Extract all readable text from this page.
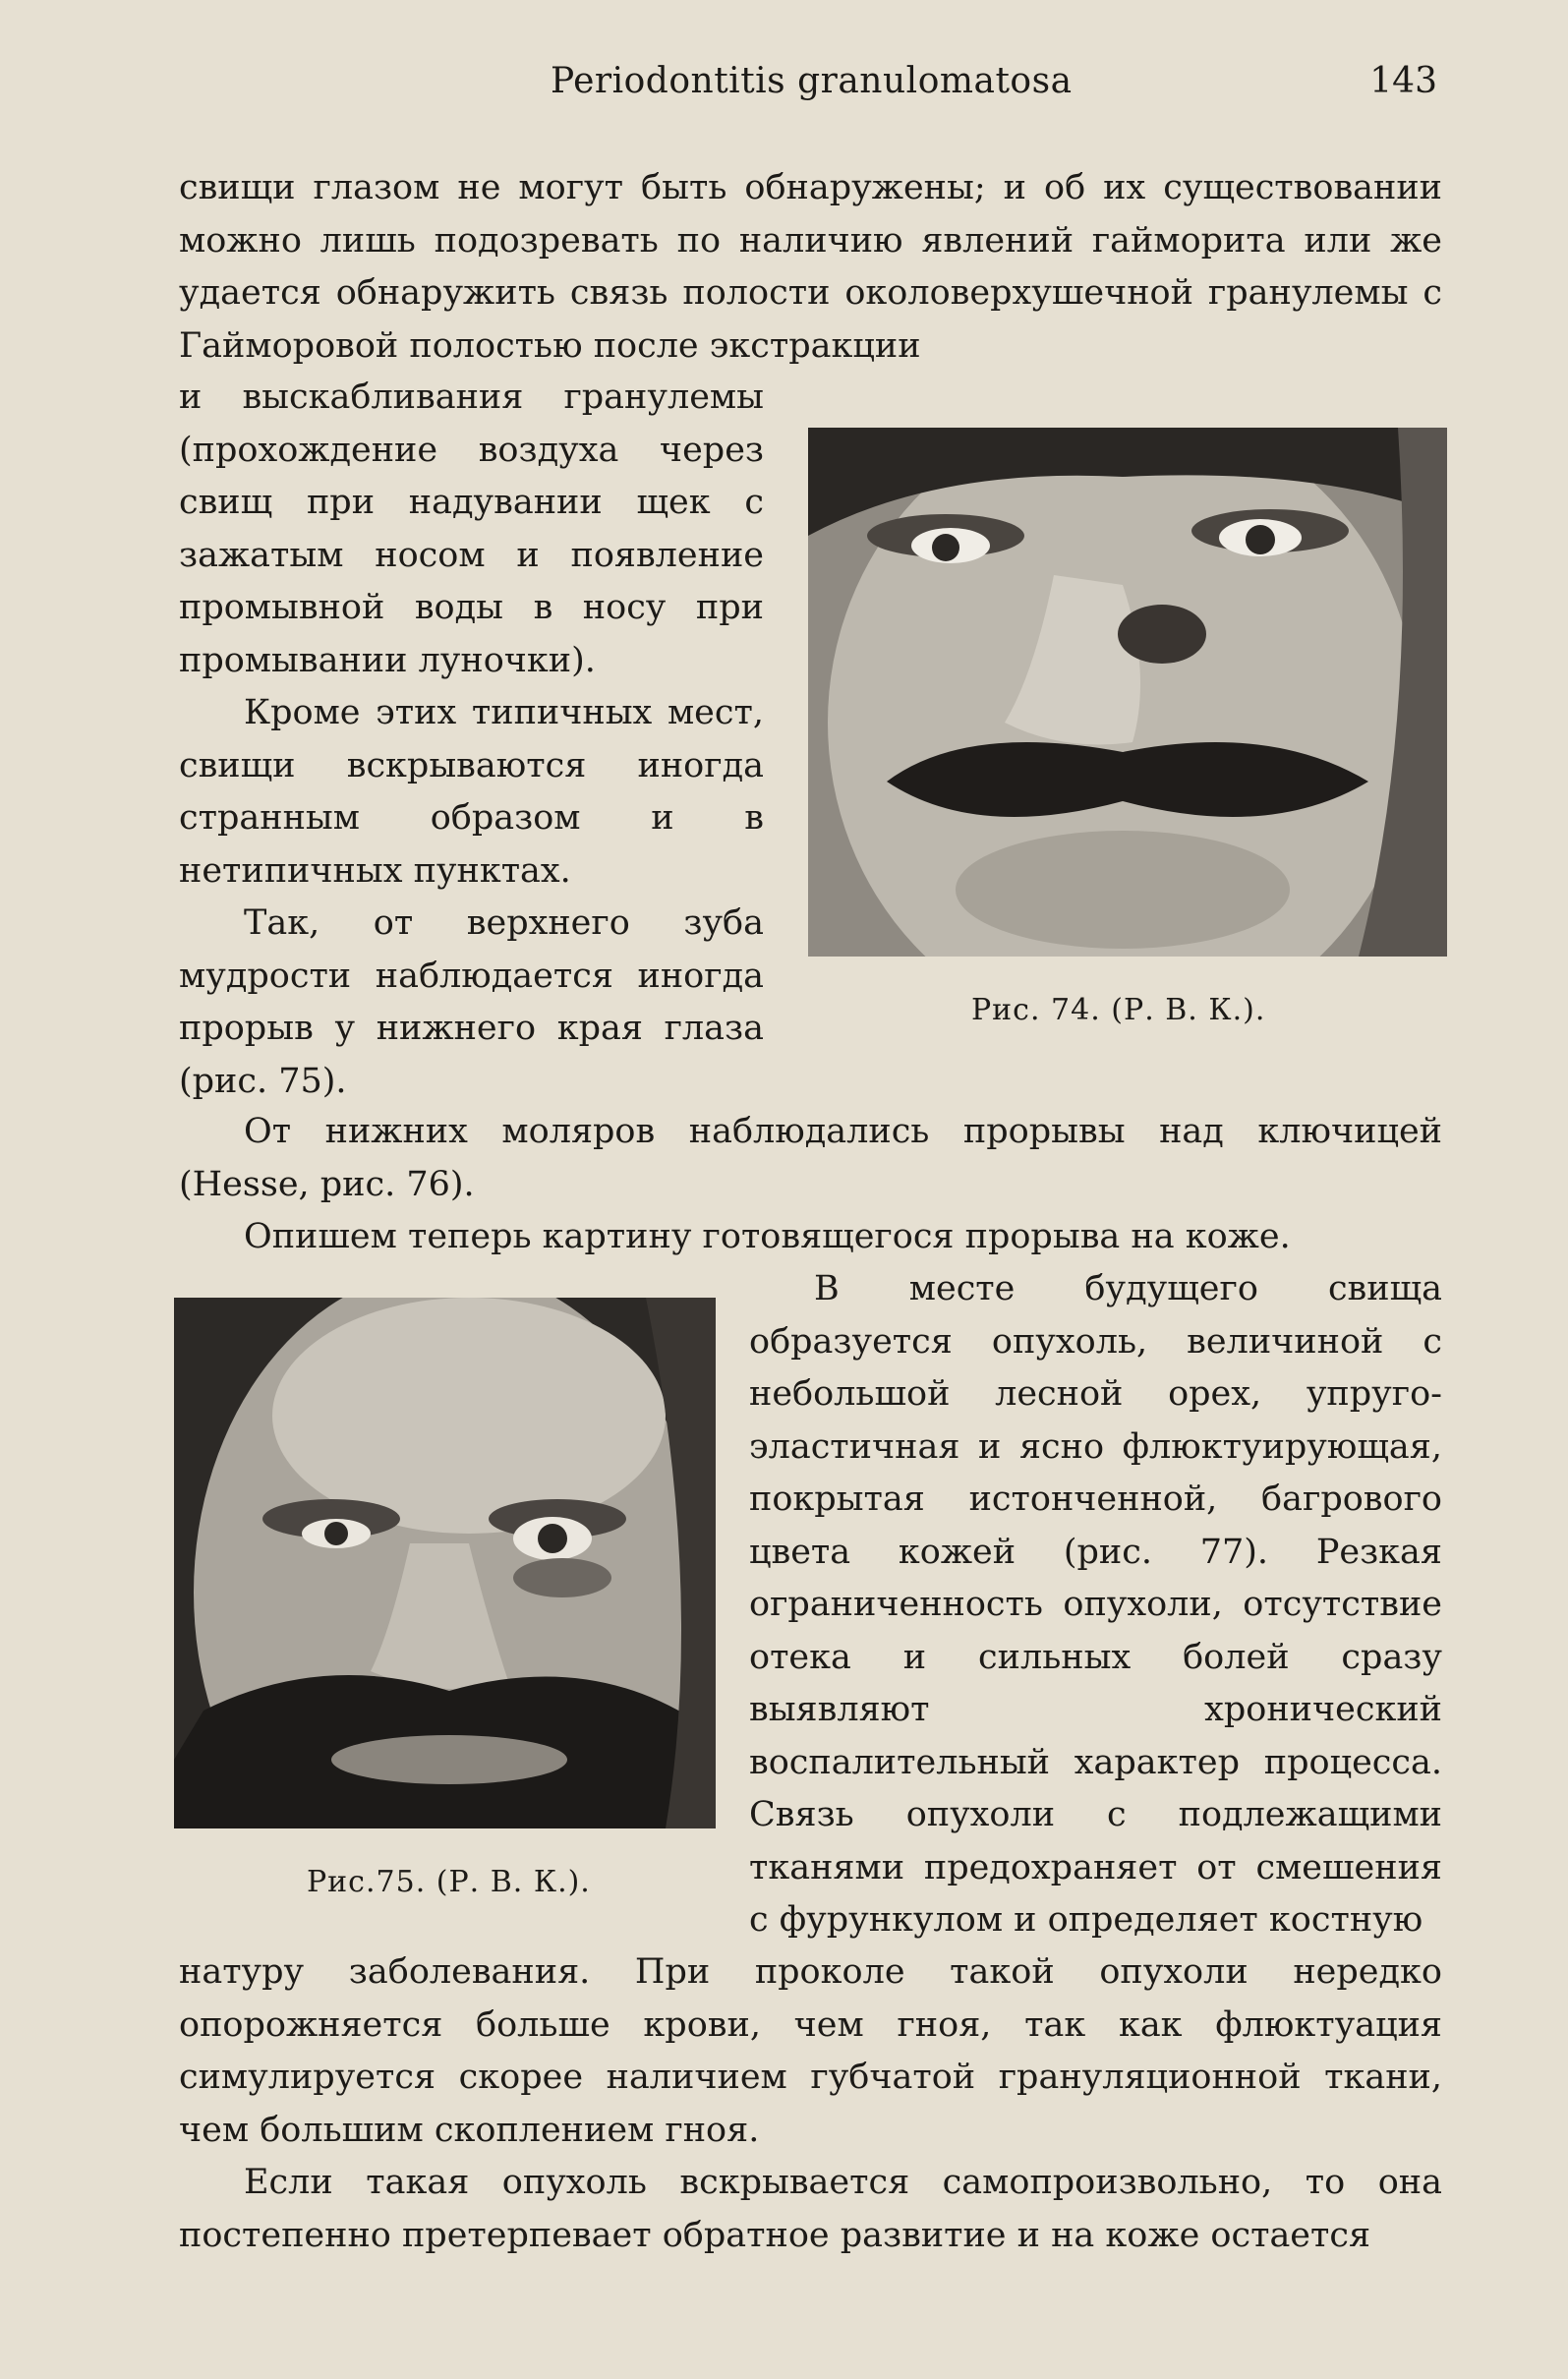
Periodontitis granulomatosa	143

свищи глазом не могут быть обнаружены; и об их существовании можно лишь подозревать по наличию явлений гайморита или же удается обнаружить связь полости околоверхушечной гранулемы с Гайморовой полостью после экстракции

и выскабливания гранулемы (прохождение воздуха через свищ при надувании щек с зажатым носом и появление промывной воды в носу при промывании луночки).

Кроме этих типичных мест, свищи вскрываются иногда странным образом и в нетипичных пунктах.

Так, от верхнего зуба мудрости наблюдается иногда прорыв у нижнего края глаза (рис. 75).

Рис. 74. (Р. В. К.).

От нижних моляров наблюдались прорывы над ключицей (Hesse, рис. 76).

Опишем теперь картину готовящегося прорыва на коже.

Рис.75. (Р. В. К.).

В месте будущего свища образуется опухоль, величиной с небольшой лесной орех, упруго-эластичная и ясно флюктуирующая, покрытая истонченной, багрового цвета кожей (рис. 77). Резкая ограниченность опухоли, отсутствие отека и сильных болей сразу выявляют хронический воспалительный характер процесса. Связь опухоли с подлежащими тканями предохраняет от смешения с фурункулом и определяет костную

натуру заболевания. При проколе такой опухоли нередко опорожняется больше крови, чем гноя, так как флюктуация симулируется скорее наличием губчатой грануляционной ткани, чем большим скоплением гноя.

Если такая опухоль вскрывается самопроизвольно, то она постепенно претерпевает обратное развитие и на коже остается
